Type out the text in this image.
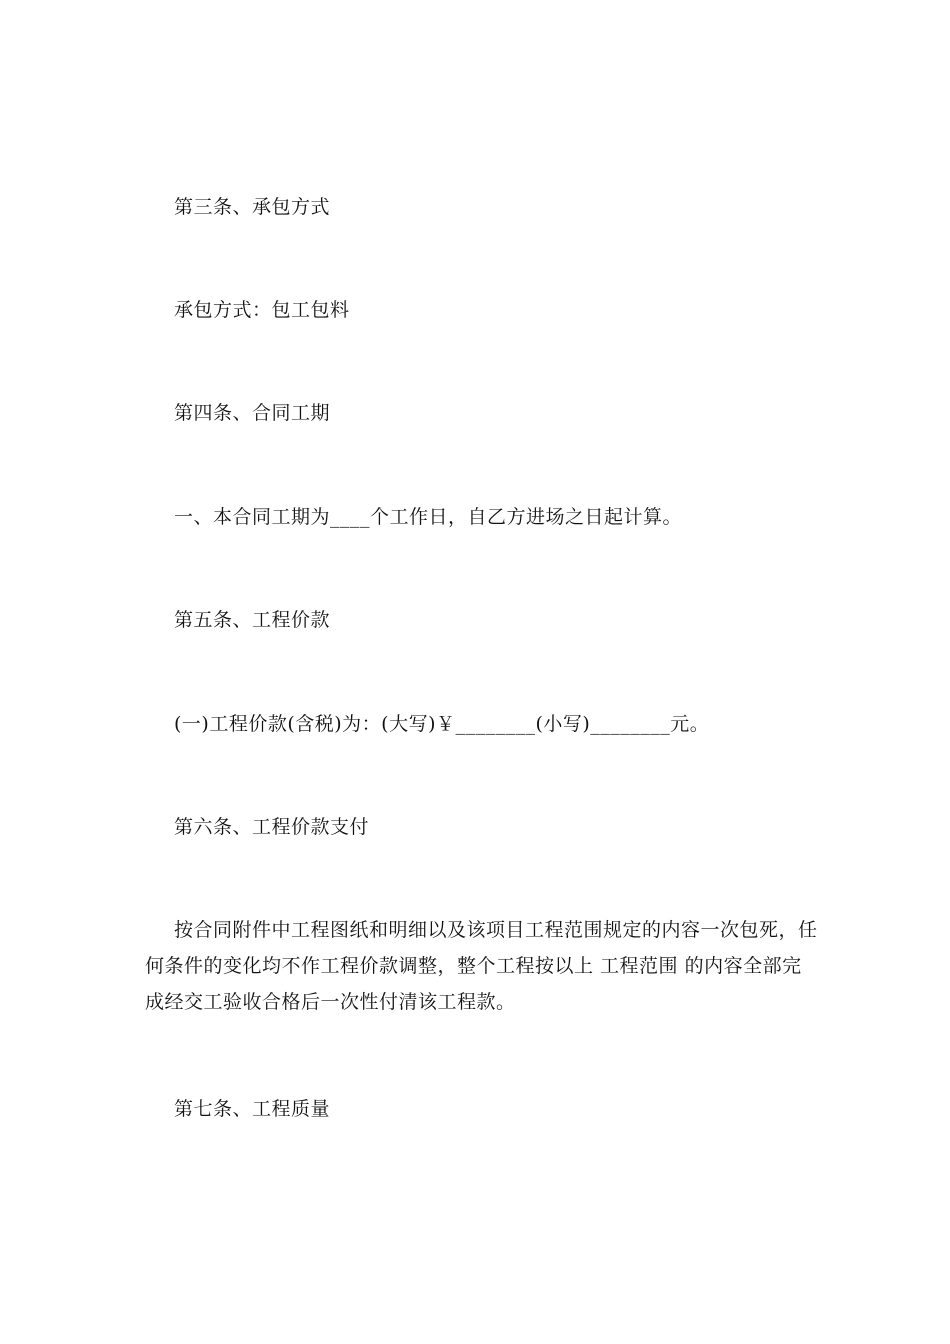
第三条、承包方式
承包方式：包工包料
第四条、合同工期
一、本合同工期为____个工作日，自乙方进场之日起计算。
第五条、工程价款
(一)工程价款(含税)为：(大写)￥________(小写)________元。
第六条、工程价款支付
按合同附件中工程图纸和明细以及该项目工程范围规定的内容一次包死，任
何条件的变化均不作工程价款调整，整个工程按以上 工程范围 的内容全部完
成经交工验收合格后一次性付清该工程款。
第七条、工程质量
